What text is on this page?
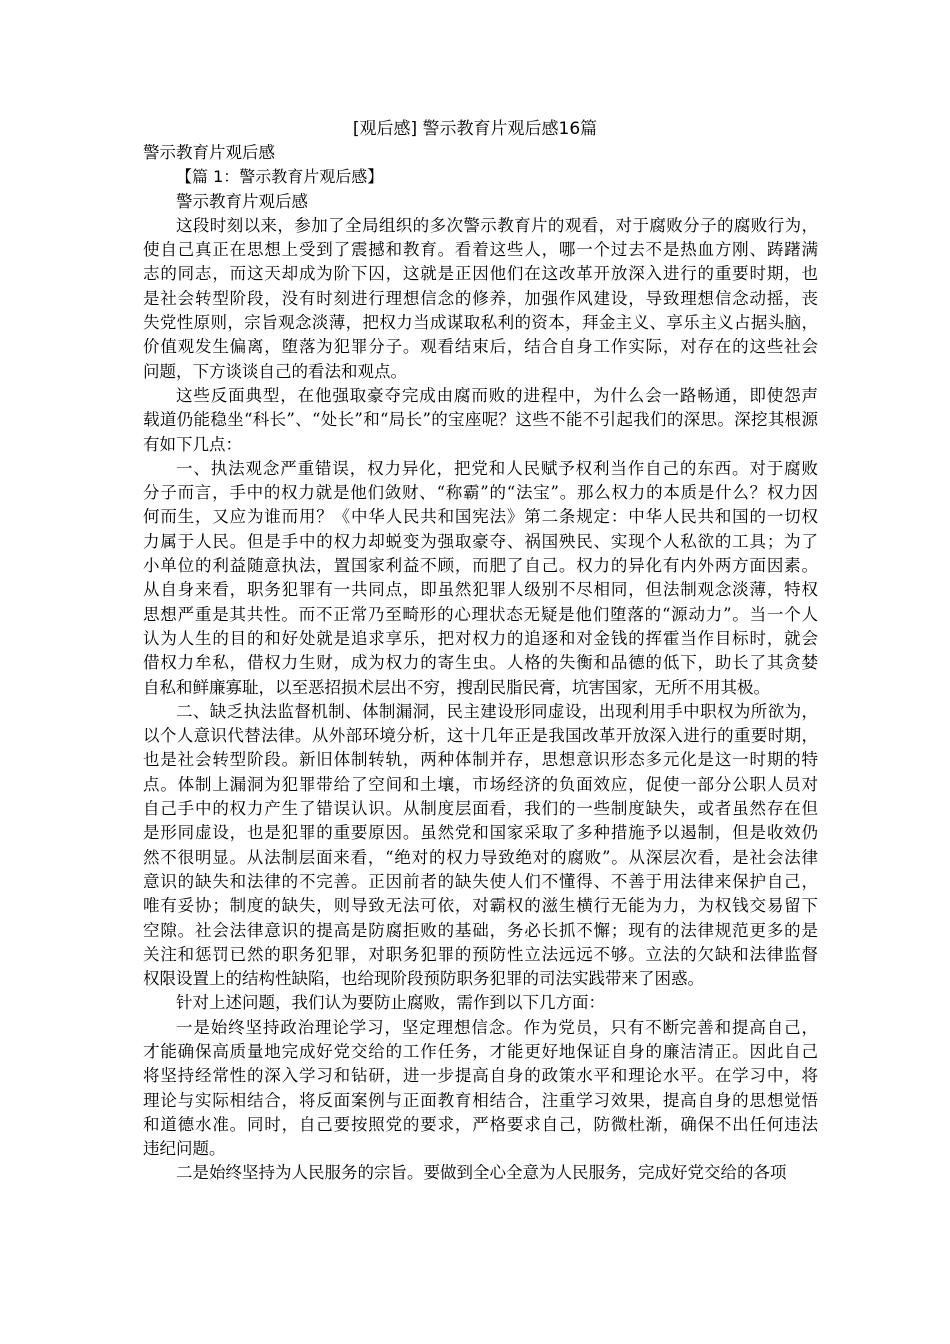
[观后感] 警示教育片观后感16篇
警示教育片观后感
【篇 1：警示教育片观后感】
警示教育片观后感
这段时刻以来，参加了全局组织的多次警示教育片的观看，对于腐败分子的腐败行为，
使自己真正在思想上受到了震撼和教育。看着这些人，哪一个过去不是热血方刚、踌躇满
志的同志，而这天却成为阶下囚，这就是正因他们在这改革开放深入进行的重要时期，也
是社会转型阶段，没有时刻进行理想信念的修养，加强作风建设，导致理想信念动摇，丧
失党性原则，宗旨观念淡薄，把权力当成谋取私利的资本，拜金主义、享乐主义占据头脑，
价值观发生偏离，堕落为犯罪分子。观看结束后，结合自身工作实际，对存在的这些社会
问题，下方谈谈自己的看法和观点。
这些反面典型，在他强取豪夺完成由腐而败的进程中，为什么会一路畅通，即使怨声
载道仍能稳坐“科长”、“处长”和“局长”的宝座呢？这些不能不引起我们的深思。深挖其根源
有如下几点：
一、执法观念严重错误，权力异化，把党和人民赋予权利当作自己的东西。对于腐败
分子而言，手中的权力就是他们敛财、“称霸”的“法宝”。那么权力的本质是什么？权力因
何而生，又应为谁而用？《中华人民共和国宪法》第二条规定：中华人民共和国的一切权
力属于人民。但是手中的权力却蜕变为强取豪夺、祸国殃民、实现个人私欲的工具；为了
小单位的利益随意执法，置国家利益不顾，而肥了自己。权力的异化有内外两方面因素。
从自身来看，职务犯罪有一共同点，即虽然犯罪人级别不尽相同，但法制观念淡薄，特权
思想严重是其共性。而不正常乃至畸形的心理状态无疑是他们堕落的“源动力”。当一个人
认为人生的目的和好处就是追求享乐，把对权力的追逐和对金钱的挥霍当作目标时，就会
借权力牟私，借权力生财，成为权力的寄生虫。人格的失衡和品德的低下，助长了其贪婪
自私和鲜廉寡耻，以至恶招损术层出不穷，搜刮民脂民膏，坑害国家，无所不用其极。
二、缺乏执法监督机制、体制漏洞，民主建设形同虚设，出现利用手中职权为所欲为，
以个人意识代替法律。从外部环境分析，这十几年正是我国改革开放深入进行的重要时期，
也是社会转型阶段。新旧体制转轨，两种体制并存，思想意识形态多元化是这一时期的特
点。体制上漏洞为犯罪带给了空间和土壤，市场经济的负面效应，促使一部分公职人员对
自己手中的权力产生了错误认识。从制度层面看，我们的一些制度缺失，或者虽然存在但
是形同虚设，也是犯罪的重要原因。虽然党和国家采取了多种措施予以遏制，但是收效仍
然不很明显。从法制层面来看，“绝对的权力导致绝对的腐败”。从深层次看，是社会法律
意识的缺失和法律的不完善。正因前者的缺失使人们不懂得、不善于用法律来保护自己，
唯有妥协；制度的缺失，则导致无法可依，对霸权的滋生横行无能为力，为权钱交易留下
空隙。社会法律意识的提高是防腐拒败的基础，务必长抓不懈；现有的法律规范更多的是
关注和惩罚已然的职务犯罪，对职务犯罪的预防性立法远远不够。立法的欠缺和法律监督
权限设置上的结构性缺陷，也给现阶段预防职务犯罪的司法实践带来了困惑。
针对上述问题，我们认为要防止腐败，需作到以下几方面：
一是始终坚持政治理论学习，坚定理想信念。作为党员，只有不断完善和提高自己，
才能确保高质量地完成好党交给的工作任务，才能更好地保证自身的廉洁清正。因此自己
将坚持经常性的深入学习和钻研，进一步提高自身的政策水平和理论水平。在学习中，将
理论与实际相结合，将反面案例与正面教育相结合，注重学习效果，提高自身的思想觉悟
和道德水准。同时，自己要按照党的要求，严格要求自己，防微杜渐，确保不出任何违法
违纪问题。
二是始终坚持为人民服务的宗旨。要做到全心全意为人民服务，完成好党交给的各项
